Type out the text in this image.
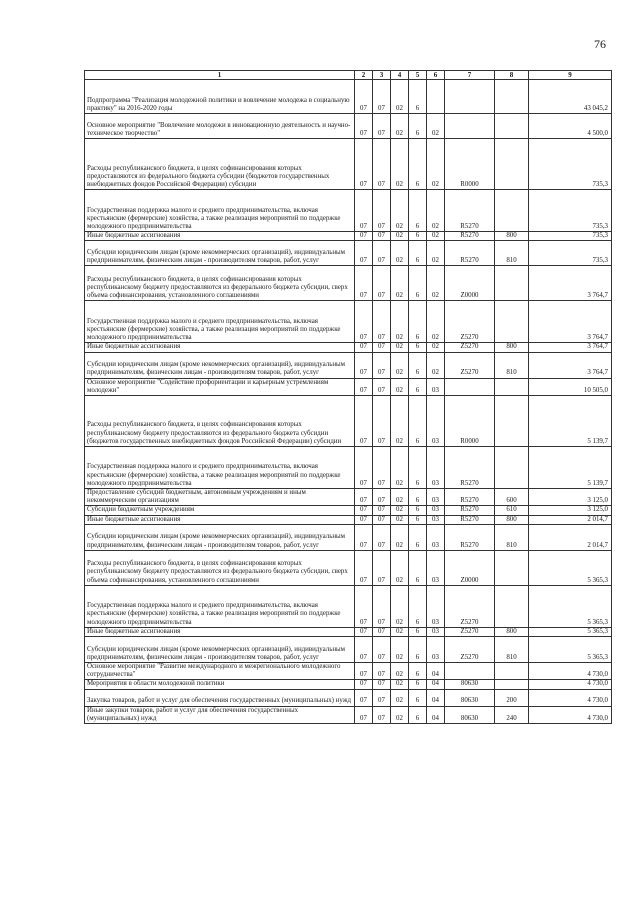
76
1	2	3	4	5	6	7	8	9
Подпрограмма "Реализация молодежной политики и вовлечение молодежа в социальную практику" на 2016-2020 годы	07	07	02	6				43 045,2
Основное мероприятие "Вовлечение молодежи в инновационную деятельность и научно-техническое творчество"	07	07	02	6	02			4 500,0
Расходы республиканского бюджета, в целях софинансирования которых предоставляются из федерального бюджета субсидии (бюджетов государственных внебюджетных фондов Российской Федерации) субсидии	07	07	02	6	02	R0000		735,3
Государственная поддержка малого и среднего предпринимательства, включая крестьянские (фермерские) хозяйства, а также реализация мероприятий по поддержке молодежного предпринимательства	07	07	02	6	02	R5270		735,3
Иные бюджетные ассигнования	07	07	02	6	02	R5270	800	735,3
Субсидии юридическим лицам (кроме некоммерческих организаций), индивидуальным предпринимателям, физическим лицам - производителям товаров, работ, услуг	07	07	02	6	02	R5270	810	735,3
Расходы республиканского бюджета, в целях софинансирования которых республиканскому бюджету предоставляются из федерального бюджета субсидии, сверх объема софинансирования, установленного соглашениями	07	07	02	6	02	Z0000		3 764,7
Государственная поддержка малого и среднего предпринимательства, включая крестьянские (фермерские) хозяйства, а также реализация мероприятий по поддержке молодежного предпринимательства	07	07	02	6	02	Z5270		3 764,7
Иные бюджетные ассигнования	07	07	02	6	02	Z5270	800	3 764,7
Субсидии юридическим лицам (кроме некоммерческих организаций), индивидуальным предпринимателям, физическим лицам - производителям товаров, работ, услуг	07	07	02	6	02	Z5270	810	3 764,7
Основное мероприятие "Содействие профориентации и карьерным устремлениям молодежи"	07	07	02	6	03			10 505,0
Расходы республиканского бюджета, в целях софинансирования которых республиканскому бюджету предоставляются из федерального бюджета субсидии (бюджетов государственных внебюджетных фондов Российской Федерации) субсидии	07	07	02	6	03	R0000		5 139,7
Государственная поддержка малого и среднего предпринимательства, включая крестьянские (фермерские) хозяйства, а также реализация мероприятий по поддержке молодежного предпринимательства	07	07	02	6	03	R5270		5 139,7
Предоставление субсидий бюджетным, автономным учреждениям и иным некоммерческим организациям	07	07	02	6	03	R5270	600	3 125,0
Субсидии бюджетным учреждениям	07	07	02	6	03	R5270	610	3 125,0
Иные бюджетные ассигнования	07	07	02	6	03	R5270	800	2 014,7
Субсидии юридическим лицам (кроме некоммерческих организаций), индивидуальным предпринимателям, физическим лицам - производителям товаров, работ, услуг	07	07	02	6	03	R5270	810	2 014,7
Расходы республиканского бюджета, в целях софинансирования которых республиканскому бюджету предоставляются из федерального бюджета субсидии, сверх объема софинансирования, установленного соглашениями	07	07	02	6	03	Z0000		5 365,3
Государственная поддержка малого и среднего предпринимательства, включая крестьянские (фермерские) хозяйства, а также реализация мероприятий по поддержке молодежного предпринимательства	07	07	02	6	03	Z5270		5 365,3
Иные бюджетные ассигнования	07	07	02	6	03	Z5270	800	5 365,3
Субсидии юридическим лицам (кроме некоммерческих организаций), индивидуальным предпринимателям, физическим лицам - производителям товаров, работ, услуг	07	07	02	6	03	Z5270	810	5 365,3
Основное мероприятие "Развитие международного и межрегионального молодежного сотрудничества"	07	07	02	6	04			4 730,0
Мероприятия в области молодежной политики	07	07	02	6	04	80630		4 730,0
Закупка товаров, работ и услуг для обеспечения государственных (муниципальных) нужд	07	07	02	6	04	80630	200	4 730,0
Иные закупки товаров, работ и услуг для обеспечения государственных (муниципальных) нужд	07	07	02	6	04	80630	240	4 730,0
